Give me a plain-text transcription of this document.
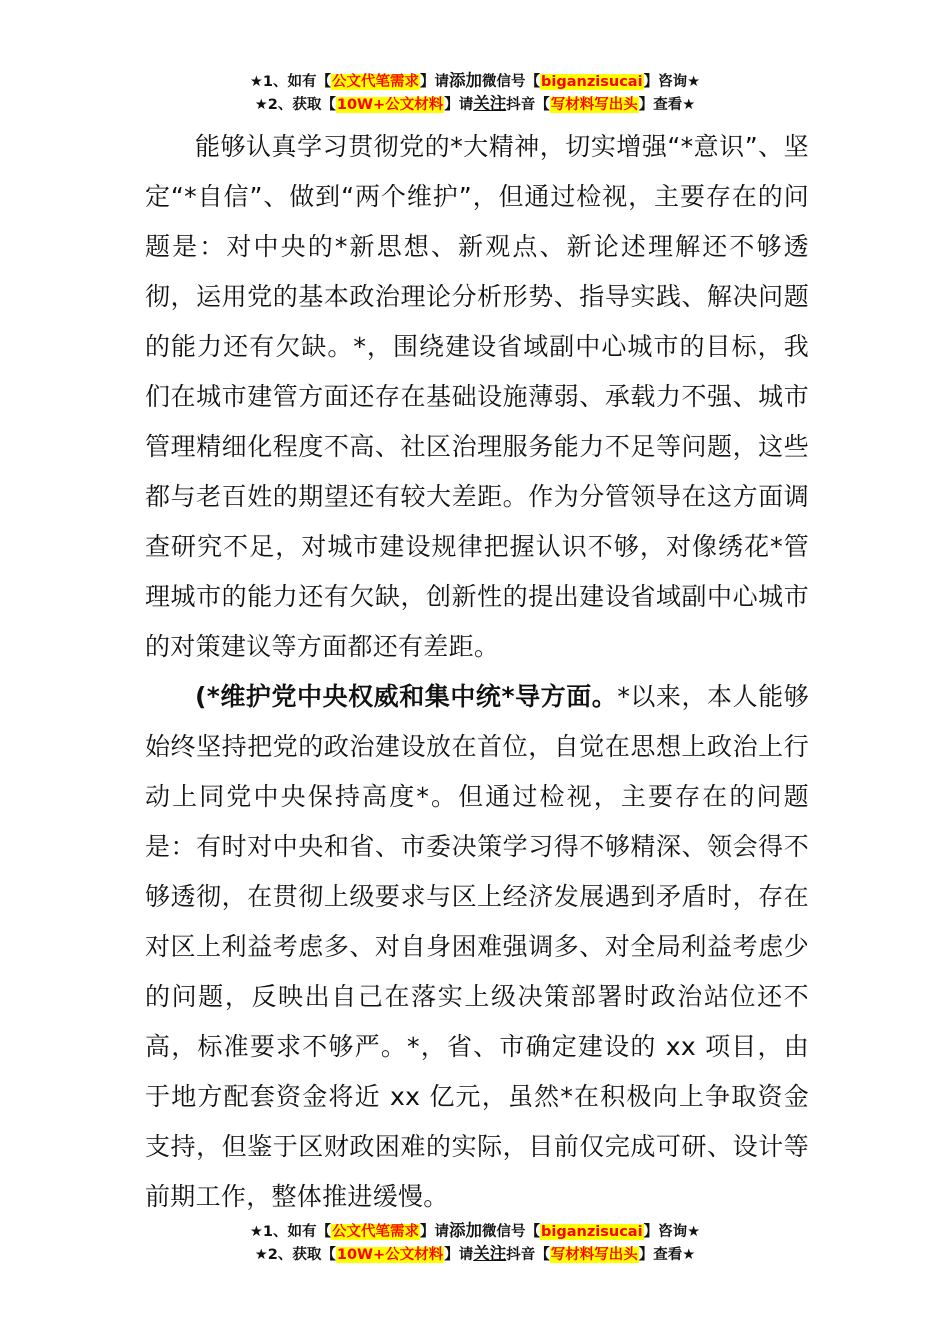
★1、如有【公文代笔需求】请添加微信号【biganzisucai】咨询★
★2、获取【10W+公文材料】请关注抖音【写材料写出头】查看★

能够认真学习贯彻党的*大精神，切实增强“*意识”、坚定“*自信”、做到“两个维护”，但通过检视，主要存在的问题是：对中央的*新思想、新观点、新论述理解还不够透彻，运用党的基本政治理论分析形势、指导实践、解决问题的能力还有欠缺。*，围绕建设省域副中心城市的目标，我们在城市建管方面还存在基础设施薄弱、承载力不强、城市管理精细化程度不高、社区治理服务能力不足等问题，这些都与老百姓的期望还有较大差距。作为分管领导在这方面调查研究不足，对城市建设规律把握认识不够，对像绣花*管理城市的能力还有欠缺，创新性的提出建设省域副中心城市的对策建议等方面都还有差距。

(*维护党中央权威和集中统*导方面。*以来，本人能够始终坚持把党的政治建设放在首位，自觉在思想上政治上行动上同党中央保持高度*。但通过检视，主要存在的问题是：有时对中央和省、市委决策学习得不够精深、领会得不够透彻，在贯彻上级要求与区上经济发展遇到矛盾时，存在对区上利益考虑多、对自身困难强调多、对全局利益考虑少的问题，反映出自己在落实上级决策部署时政治站位还不高，标准要求不够严。*，省、市确定建设的 xx 项目，由于地方配套资金将近 xx 亿元，虽然*在积极向上争取资金支持，但鉴于区财政困难的实际，目前仅完成可研、设计等前期工作，整体推进缓慢。

★1、如有【公文代笔需求】请添加微信号【biganzisucai】咨询★
★2、获取【10W+公文材料】请关注抖音【写材料写出头】查看★
